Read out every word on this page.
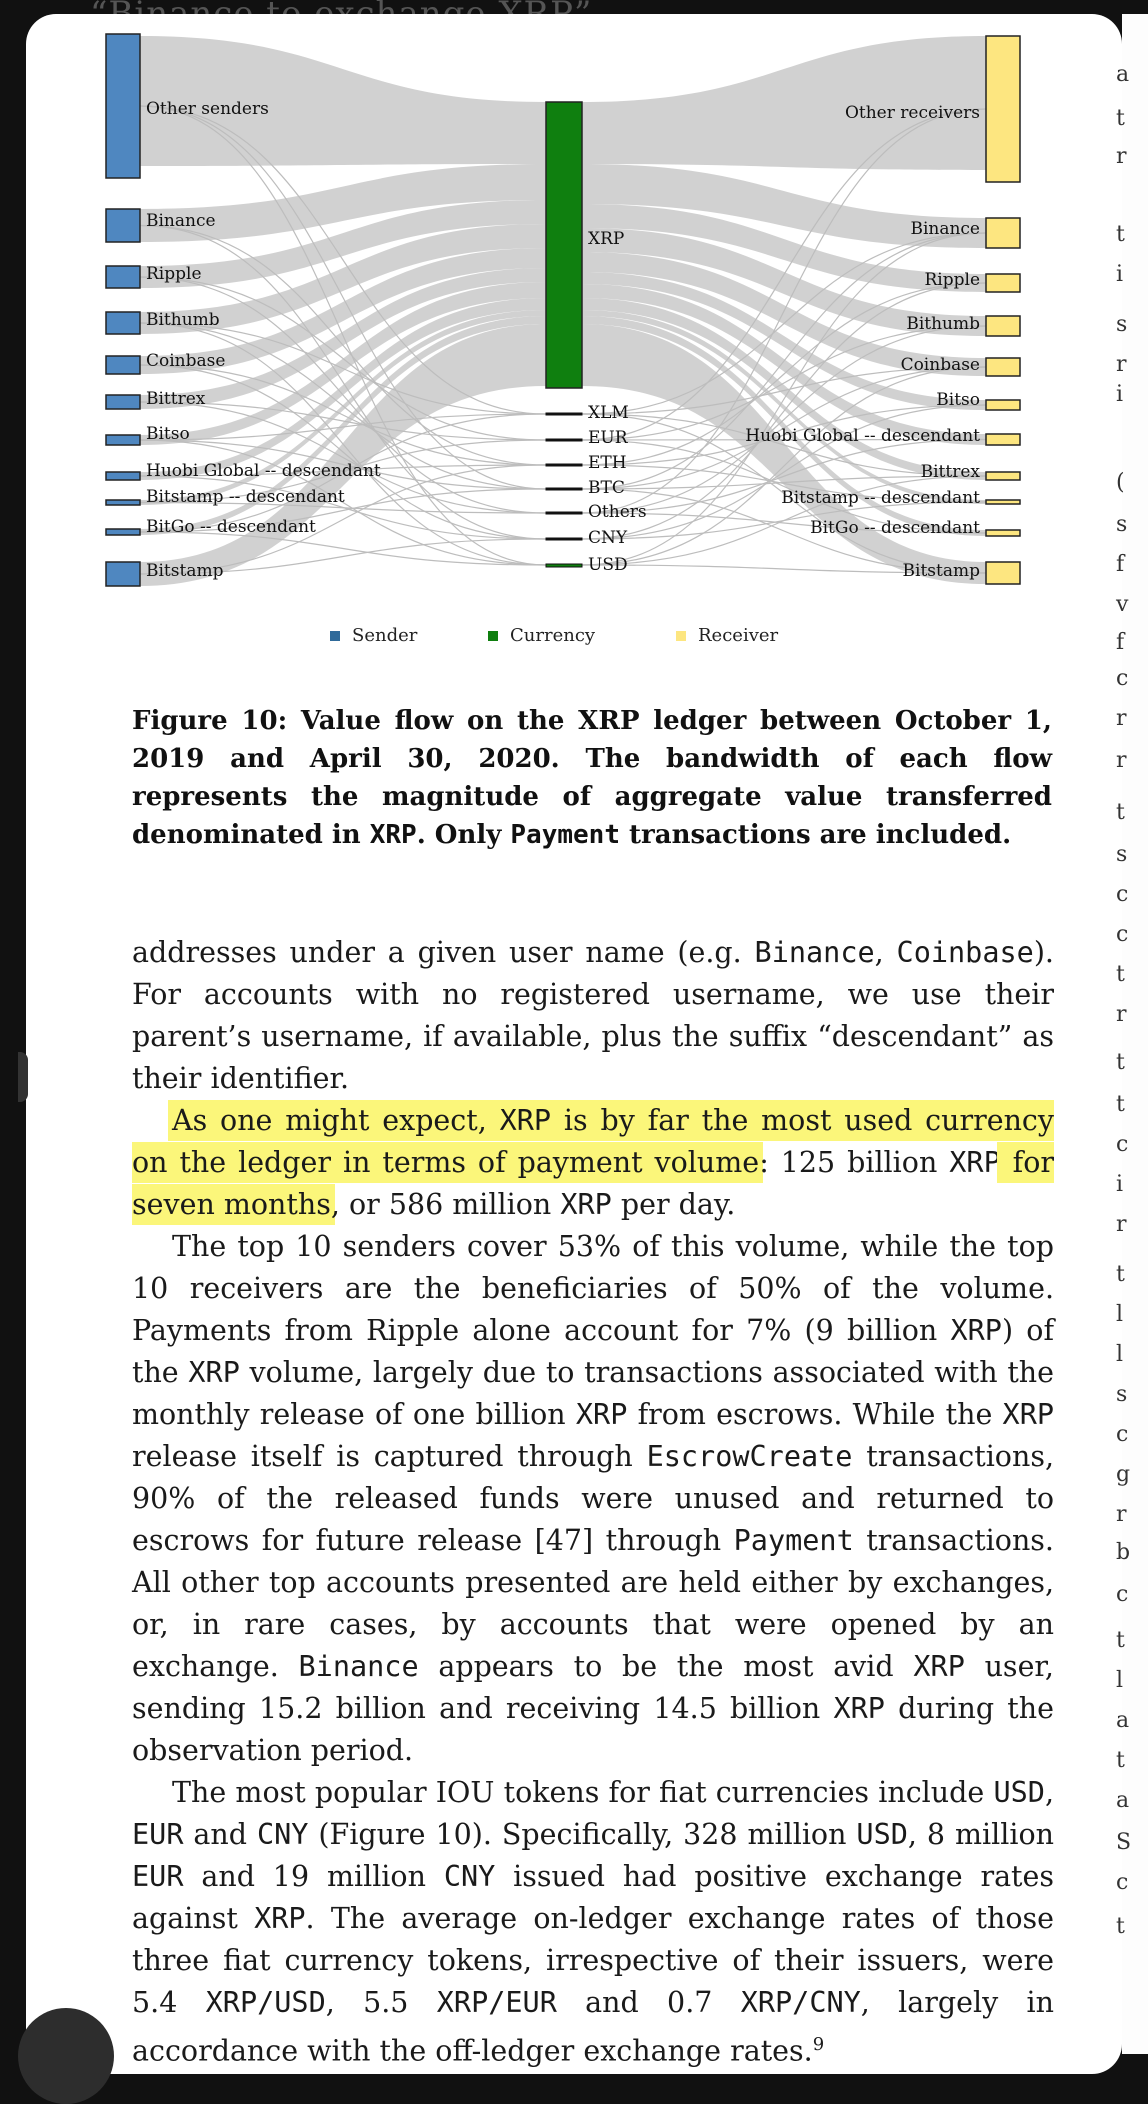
Other senders
Binance
Ripple
Bithumb
Coinbase
Bittrex
Bitso
Huobi Global -- descendant
Bitstamp -- descendant
BitGo -- descendant
Bitstamp
Other receivers
Binance
Ripple
Bithumb
Coinbase
Bitso
Huobi Global -- descendant
Bittrex
Bitstamp -- descendant
BitGo -- descendant
Bitstamp
XRP
XLM
EUR
ETH
BTC
Others
CNY
USD
Sender	Currency	Receiver
Figure 10: Value flow on the XRP ledger between October 1, 2019 and April 30, 2020. The bandwidth of each flow represents the magnitude of aggregate value transferred denominated in XRP. Only Payment transactions are included.

addresses under a given user name (e.g. Binance, Coinbase). For accounts with no registered username, we use their parent’s username, if available, plus the suffix “descendant” as their identifier.

As one might expect, XRP is by far the most used currency on the ledger in terms of payment volume: 125 billion XRP for seven months, or 586 million XRP per day.

The top 10 senders cover 53% of this volume, while the top 10 receivers are the beneficiaries of 50% of the volume. Payments from Ripple alone account for 7% (9 billion XRP) of the XRP volume, largely due to transactions associated with the monthly release of one billion XRP from escrows. While the XRP release itself is captured through EscrowCreate transactions, 90% of the released funds were unused and returned to escrows for future release [47] through Payment transactions. All other top accounts presented are held either by exchanges, or, in rare cases, by accounts that were opened by an exchange. Binance appears to be the most avid XRP user, sending 15.2 billion and receiving 14.5 billion XRP during the observation period.

The most popular IOU tokens for fiat currencies include USD, EUR and CNY (Figure 10). Specifically, 328 million USD, 8 million EUR and 19 million CNY issued had positive exchange rates against XRP. The average on-ledger exchange rates of those three fiat currency tokens, irrespective of their issuers, were 5.4 XRP/USD, 5.5 XRP/EUR and 0.7 XRP/CNY, largely in accordance with the off-ledger exchange rates.$^9$

a
t
r
t
i
s
r
i
(
s
f
v
f
c
r
r
t
s
c
c
t
r
t
t
c
i
r
t
l
l
s
c
g
r
b
c
t
l
a
t
a
S
c
t
